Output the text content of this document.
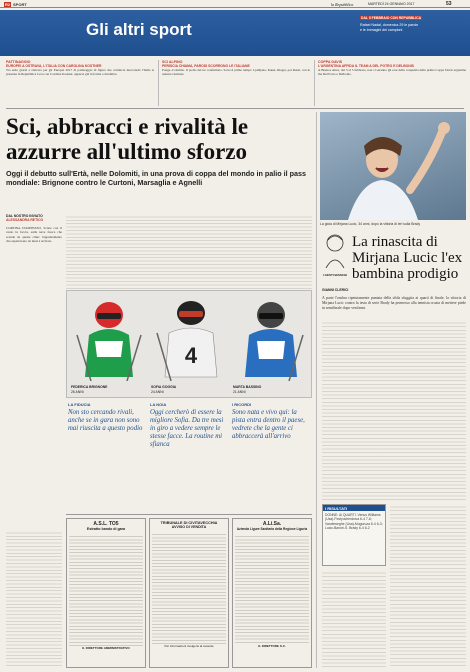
R2 SPORT	la Repubblica	MARTEDÌ 24 GENNAIO 2017	53
Gli altri sport
DAL 5 FEBBRAIO CON REPUBBLICA
Rafael Nadal, domenica 29 le parole
e le immagini dei campioni
PATTINAGGIO
EUROPEI A OSTRAVA, L'ITALIA CON CAROLINA KOSTNER
Tra sette giorni a Ostrava per gli Europei 2017 di pattinaggio di figura che comincia mercoledì: l'Italia si presenta in Repubblica Ceca con Carolina Kostner, apparsa già in forma a dicembre.
SCI ALPINO
PERISCIA CHIAMA, PARODI SCORRONO LE ITALIANE
Ponga–Colombo. Il podio dei tre confermato. Sotto il primo tempo: Ljubljana, Kanet, Rieger, poi Russi, con le azzurre rientrate.
COPPA DAVIS
L'ARGENTINA AFFIDA IL TEAM A DEL POTRO E DELBONIS
A Buenos Aires, dal 3 al 5 febbraio, non ci saranno gli eroi della conquista della prima Coppa Davis argentina ma Del Potro e Delbonis.
DAL NOSTRO INVIATO
ALESSANDRA RETICO
Sci, abbracci e rivalità le azzurre all'ultimo sforzo
Oggi il debutto sull'Ertà, nelle Dolomiti, in una prova di coppa del mondo in palio il pass mondiale: Brignone contro le Curtoni, Marsaglia e Agnelli
CORTINA D'AMPEZZO. Sciate con il vento in faccia, sulla neve fresca che scende da queste cime: l'appuntamento che aspettavano da mesi è arrivato.
FEDERICA BRIGNONE
26 ANNI
4
SOFIA GOGGIA
24 ANNI
MARTA BASSINO
21 ANNI
LA FIDUCIA
Non sto cercando rivali, anche se in gara non sono mai riuscita a questo podio
LA NOIA
Oggi cercherò di essere la migliore Sofia. Da tre mesi in giro a vedere sempre le stesse facce. La routine mi sfianca
I RICORDI
Sono nata e vivo qui: la pista entra dentro il paese, vedrete che la gente ci abbraccerà all'arrivo
A.S.L. TO5
Estratto bando di gara
IL DIRETTORE AMMINISTRATIVO
TRIBUNALE DI CIVITAVECCHIA
AVVISO DI VENDITA
Per informazioni rivolgersi al custode
A.Li.Sa.
Azienda Ligure Sanitaria della Regione Liguria
IL DIRETTORE S.C.
La gioia di Mirjana Lucic, 34 anni, dopo la vittoria di ieri sulla Brady
I GESTI BIANCHI
La rinascita di Mirjana Lucic l'ex bambina prodigio
GIANNI CLERICI
A parte l'ombra ripetutamente puntata della sfida sfuggita ai quarti di finale, la vittoria di Mirjana Lucic contro la testa di serie Brady ha permesso alla tennista croata di mettere piede in semifinale dopo vent'anni.
I RISULTATI
DONNE: Ai QUARTI. Venus Williams (Usa)-Pavlyuchenkova 6-4 7-6; Vandeweghe (Usa)-Muguruza 6-4 6-3; Lucic-Baroni-S. Brady 6-4 6-2
